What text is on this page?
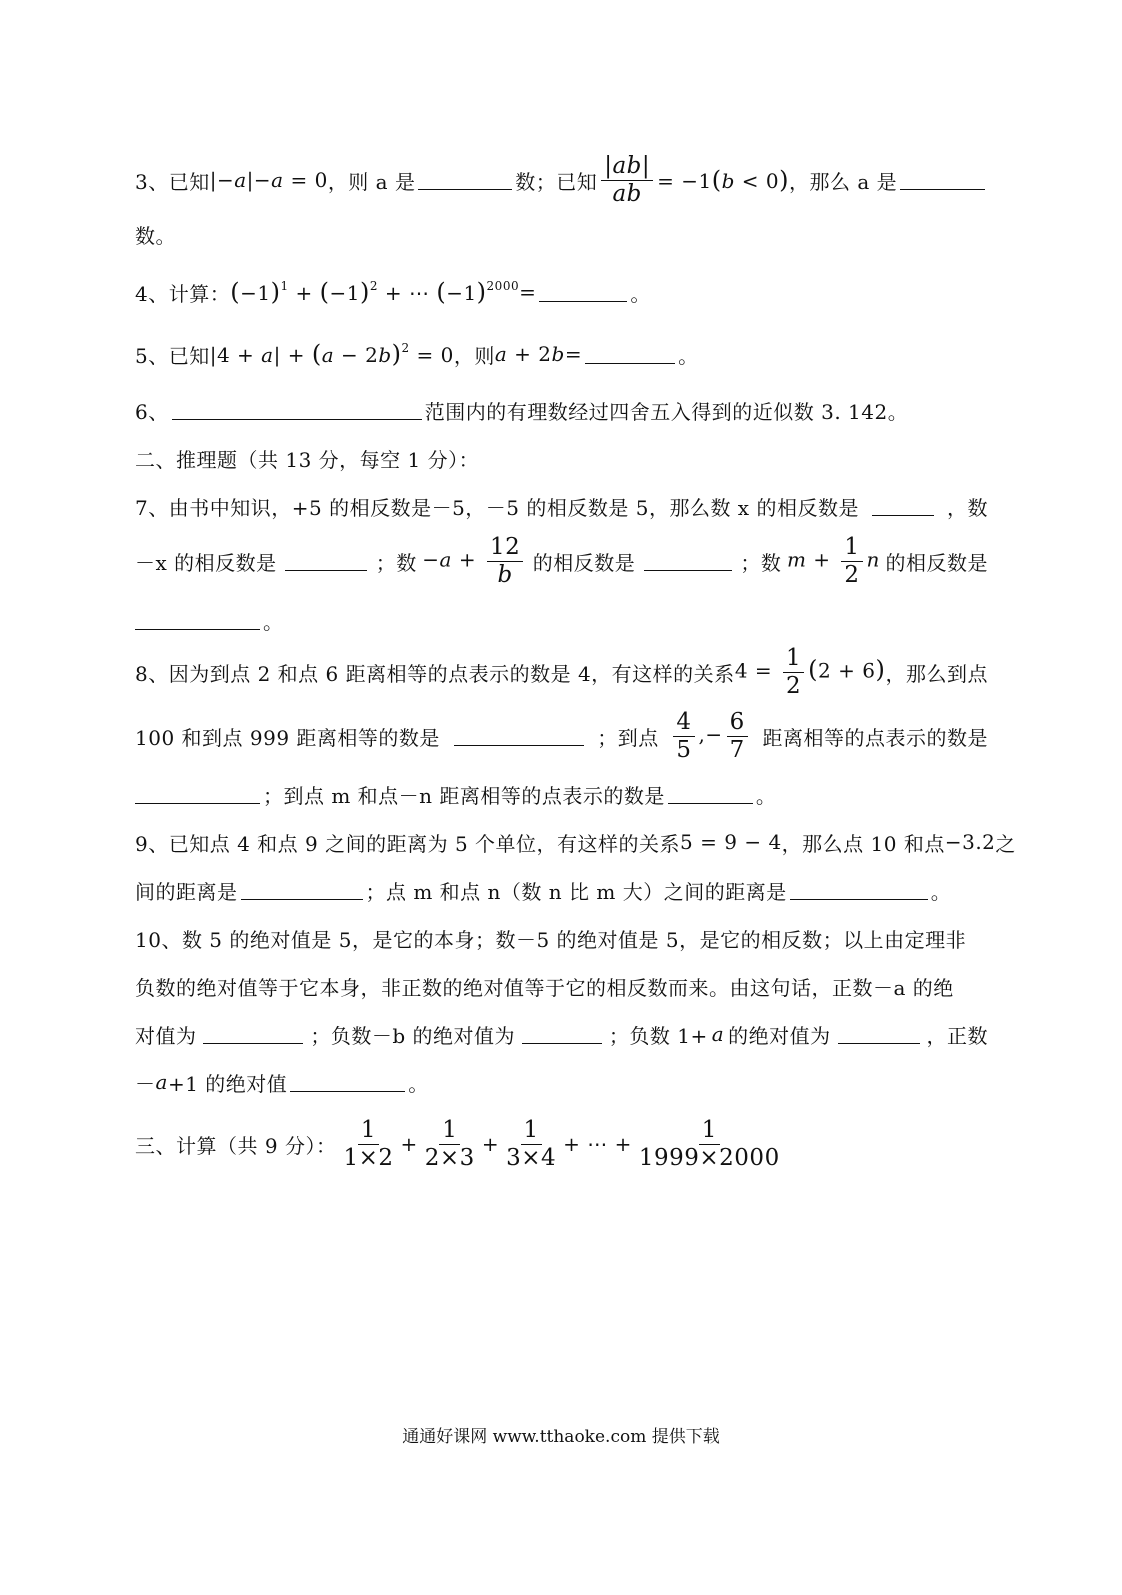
3、已知 |−a|−a = 0 ，则 a 是	数；已知 $\frac{|ab|}{ab} = -1(b < 0)$ ，那么 a 是
数。
4、计算： $(-1)^1 + (-1)^2$ + ⋯ $(-1)^{2000}$ =	。
5、已知 $|4 + a| + (a - 2b)^2 = 0$ ，则 a + 2b =	。
6、	范围内的有理数经过四舍五入得到的近似数 3. 142。
二、推理题（共 13 分，每空 1 分）：
7、由书中知识，+5 的相反数是－5，－5 的相反数是 5，那么数 x 的相反数是	，数
－x 的相反数是	；数 $-a + \frac{12}{b}$ 的相反数是	；数 $m + \frac{1}{2}$ n 的相反数是
。
8、因为到点 2 和点 6 距离相等的点表示的数是 4，有这样的关系 $4 = \frac{1}{2} (2 + 6)$ ，那么到点
100 和到点 999 距离相等的数是	；到点 $\frac{4}{5}$ ,− $\frac{6}{7}$ 距离相等的点表示的数是
；到点 m 和点－n 距离相等的点表示的数是	。
9、已知点 4 和点 9 之间的距离为 5 个单位，有这样的关系 5 = 9 − 4 ，那么点 10 和点 −3.2 之
间的距离是	；点 m 和点 n（数 n 比 m 大）之间的距离是	。
10、数 5 的绝对值是 5，是它的本身；数－5 的绝对值是 5，是它的相反数；以上由定理非
负数的绝对值等于它本身，非正数的绝对值等于它的相反数而来。由这句话，正数－a 的绝
对值为	；负数－b 的绝对值为	；负数 1+ a 的绝对值为	，正数
－ a +1 的绝对值	。
三、计算（共 9 分）： $\frac{1}{1\times 2} + \frac{1}{2\times 3} + \frac{1}{3\times 4}$ + ⋯ + $\frac{1}{1999\times 2000}$
通通好课网 www.tthaoke.com 提供下载
